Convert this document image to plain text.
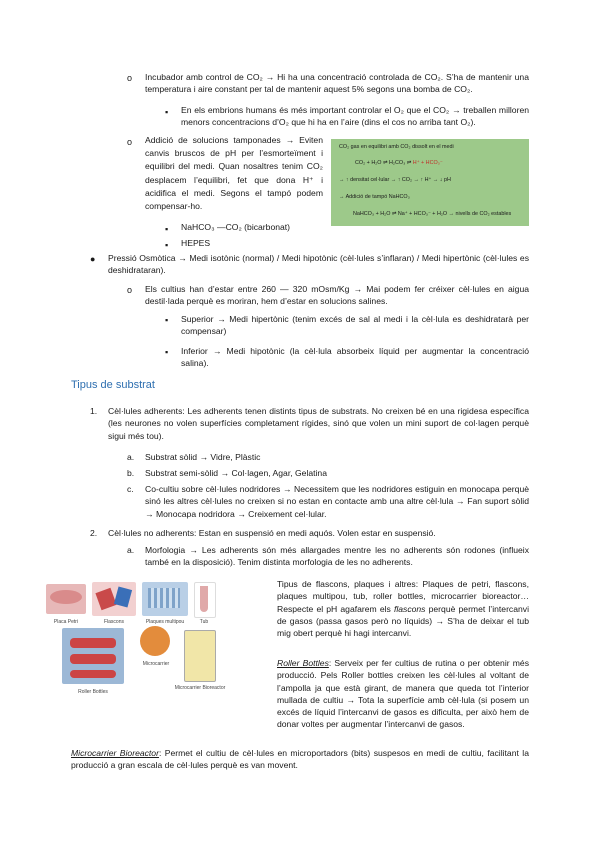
o Incubador amb control de CO₂ → Hi ha una concentració controlada de CO₂. S’ha de mantenir una temperatura i aire constant per tal de mantenir aquest 5% segons una bomba de CO₂.
▪ En els embrions humans és més important controlar el O₂ que el CO₂ → treballen milloren menors concentracions d’O₂ que hi ha en l’aire (dins el cos no arriba tant O₂).
o Addició de solucions tamponades → Eviten canvis bruscos de pH per l’esmorteïment i equilibri del medi. Quan nosaltres tenim CO₂ desplacem l’equilibri, fet que dona H⁺ i acidifica el medi. Segons el tampó podem compensar-ho.
▪ NaHCO₃ —CO₂ (bicarbonat)
▪ HEPES
CO₂ gas en equilibri amb CO₂ dissolt en el medi
CO₂ + H₂O ⇌ H₂CO₃ ⇌ H⁺ + HCO₃⁻
→ ↑ densitat cel·lular → ↑ CO₂ → ↑ H⁺ → ↓ pH
→ Addició de tampó NaHCO₃
NaHCO₃ + H₂O ⇌ Na⁺ + HCO₃⁻ + H₂O → nivells de CO₂ estables
● Pressió Osmòtica → Medi isotònic (normal) / Medi hipotònic (cèl·lules s’inflaran) / Medi hipertònic (cèl·lules es deshidrataran).
o Els cultius han d’estar entre 260 — 320 mOsm/Kg → Mai podem fer créixer cèl·lules en aigua destil·lada perquè es moriran, hem d’estar en solucions salines.
▪ Superior → Medi hipertònic (tenim excés de sal al medi i la cèl·lula es deshidratarà per compensar)
▪ Inferior → Medi hipotònic (la cèl·lula absorbeix líquid per augmentar la concentració salina).
Tipus de substrat
1. Cèl·lules adherents: Les adherents tenen distints tipus de substrats. No creixen bé en una rigidesa específica (les neurones no volen superfícies completament rígides, sinó que volen un mini suport de col·lagen perquè sigui més tou).
a. Substrat sòlid → Vidre, Plàstic
b. Substrat semi-sòlid → Col·lagen, Agar, Gelatina
c. Co-cultiu sobre cèl·lules nodridores → Necessitem que les nodridores estiguin en monocapa perquè sinó les altres cèl·lules no creixen si no estan en contacte amb una altre cèl·lula → Fan suport sòlid → Monocapa nodridora → Creixement cel·lular.
2. Cèl·lules no adherents: Estan en suspensió en medi aquós. Volen estar en suspensió.
a. Morfologia → Les adherents són més allargades mentre les no adherents són rodones (influeix també en la disposició). Tenim distinta morfologia de les no adherents.
Placa Petri	Flascons	Plaques multipou	Tub
Roller Bottles
Microcarrier
Microcarrier Bioreactor
Tipus de flascons, plaques i altres: Plaques de petri, flascons, plaques multipou, tub, roller bottles, microcarrier bioreactor… Respecte el pH agafarem els flascons perquè permet l’intercanvi de gasos (passa gasos però no líquids) → S’ha de deixar el tub mig obert perquè hi hagi intercanvi.
Roller Bottles: Serveix per fer cultius de rutina o per obtenir més producció. Pels Roller bottles creixen les cèl·lules al voltant de l’ampolla ja que està girant, de manera que queda tot l’interior mullada de cultiu → Tota la superfície amb cèl·lula (si posem un excés de líquid l’intercanvi de gasos es dificulta, per això hem de donar voltes per augmentar l’intercanvi de gasos.
Microcarrier Bioreactor: Permet el cultiu de cèl·lules en microportadors (bits) suspesos en medi de cultiu, facilitant la producció a gran escala de cèl·lules perquè es van movent.
